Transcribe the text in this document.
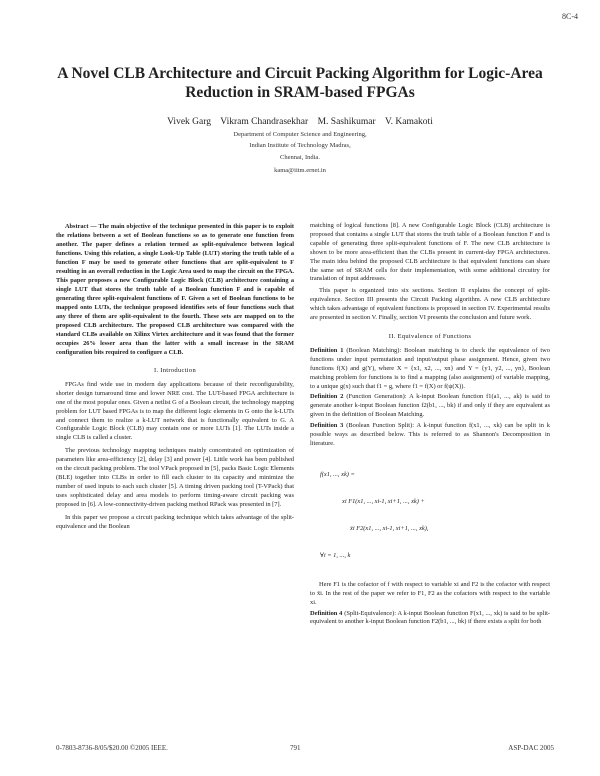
8C-4
A Novel CLB Architecture and Circuit Packing Algorithm for Logic-Area
Reduction in SRAM-based FPGAs
Vivek Garg    Vikram Chandrasekhar    M. Sashikumar    V. Kamakoti
Department of Computer Science and Engineering,
Indian Institute of Technology Madras,
Chennai, India.
kama@iitm.ernet.in

Abstract — The main objective of the technique presented in this paper is to exploit the relations between a set of Boolean functions so as to generate one function from another. The paper defines a relation termed as split-equivalence between logical functions. Using this relation, a single Look-Up Table (LUT) storing the truth table of a function F may be used to generate other functions that are split-equivalent to F resulting in an overall reduction in the Logic Area used to map the circuit on the FPGA. This paper proposes a new Configurable Logic Block (CLB) architecture containing a single LUT that stores the truth table of a Boolean function F and is capable of generating three split-equivalent functions of F. Given a set of Boolean functions to be mapped onto LUTs, the technique proposed identifies sets of four functions such that any three of them are split-equivalent to the fourth. These sets are mapped on to the proposed CLB architecture. The proposed CLB architecture was compared with the standard CLBs available on Xilinx Virtex architecture and it was found that the former occupies 26% lesser area than the latter with a small increase in the SRAM configuration bits required to configure a CLB.

I. Introduction

FPGAs find wide use in modern day applications because of their reconfigurability, shorter design turnaround time and lower NRE cost. The LUT-based FPGA architecture is one of the most popular ones. Given a netlist G of a Boolean circuit, the technology mapping problem for LUT based FPGAs is to map the different logic elements in G onto the k-LUTs and connect them to realize a k-LUT network that is functionally equivalent to G. A Configurable Logic Block (CLB) may contain one or more LUTs [1]. The LUTs inside a single CLB is called a cluster.

The previous technology mapping techniques mainly concentrated on optimization of parameters like area-efficiency [2], delay [3] and power [4]. Little work has been published on the circuit packing problem. The tool VPack proposed in [5], packs Basic Logic Elements (BLE) together into CLBs in order to fill each cluster to its capacity and minimize the number of used inputs to each such cluster [5]. A timing driven packing tool (T-VPack) that uses sophisticated delay and area models to perform timing-aware circuit packing was proposed in [6]. A low-connectivity-driven packing method RPack was presented in [7].

In this paper we propose a circuit packing technique which takes advantage of the split-equivalence and the Boolean

matching of logical functions [8]. A new Configurable Logic Block (CLB) architecture is proposed that contains a single LUT that stores the truth table of a Boolean function F and is capable of generating three split-equivalent functions of F. The new CLB architecture is shown to be more area-efficient than the CLBs present in current-day FPGA architectures. The main idea behind the proposed CLB architecture is that equivalent functions can share the same set of SRAM cells for their implementation, with some additional circuitry for translation of input addresses.

This paper is organized into six sections. Section II explains the concept of split-equivalence. Section III presents the Circuit Packing algorithm. A new CLB architecture which takes advantage of equivalent functions is proposed in section IV. Experimental results are presented in section V. Finally, section VI presents the conclusion and future work.

II. Equivalence of Functions

Definition 1 (Boolean Matching): Boolean matching is to check the equivalence of two functions under input permutation and input/output phase assignment. Hence, given two functions f(X) and g(Y), where X = {x1, x2, ..., xn} and Y = {y1, y2, ..., yn}, Boolean matching problem for functions is to find a mapping (also assignment) of variable mapping, to a unique g(x) such that f1 = g, where f1 = f(X) or f(ψ(X)).

Definition 2 (Function Generation): A k-input Boolean function f1(a1, ..., ak) is said to generate another k-input Boolean function f2(b1, ..., bk) if and only if they are equivalent as given in the definition of Boolean Matching.

Definition 3 (Boolean Function Split): A k-input function f(x1, ..., xk) can be split in k possible ways as described below. This is referred to as Shannon's Decomposition in literature.

f(x1, ..., xk) =

xi F1(x1, ..., xi-1, xi+1, ..., xk) +

x̄i F2(x1, ..., xi-1, xi+1, ..., xk),

∀i = 1, ..., k

Here F1 is the cofactor of f with respect to variable xi and F2 is the cofactor with respect to x̄i. In the rest of the paper we refer to F1, F2 as the cofactors with respect to the variable xi.

Definition 4 (Split-Equivalence): A k-input Boolean function F(x1, ..., xk) is said to be split-equivalent to another k-input Boolean function F2(b1, ..., bk) if there exists a split for both

0-7803-8736-8/05/$20.00 ©2005 IEEE.	791	ASP-DAC 2005
